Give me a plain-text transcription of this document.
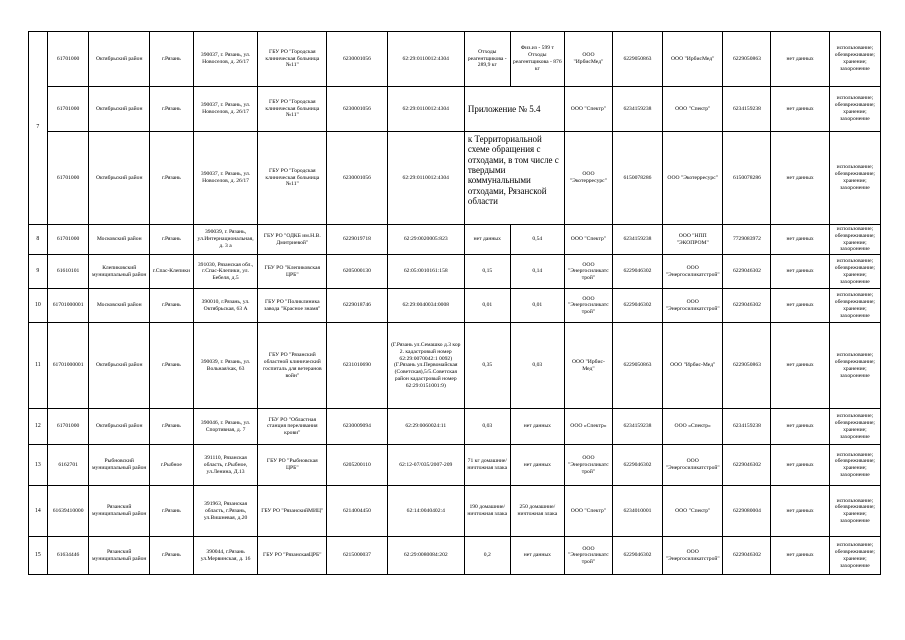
7	61701000	Октябрьский район	г.Рязань	390037, г. Рязань, ул. Новоселов, д. 26/17	ГБУ РО "Городская клиническая больница №11"	6230001056	62:29:0110012:4304	Отходы реагентщикова - 289,9 кг	Физ.из - 599 т Отходы реагентщикова - 876 кг	ООО "ИрбисМед"	6229050863	ООО "ИрбисМед"	6229050863	нет данных	использование; обезвреживание; хранение; захоронение
	61701000	Октябрьский район	г.Рязань	390037, г. Рязань, ул. Новоселов, д. 26/17	ГБУ РО "Городская клиническая больница №11"	6230001056	62:29:0110012:4304	Приложение № 5.4		ООО "Спектр"	6234159238	ООО "Спектр"	6234159238	нет данных	использование; обезвреживание; хранение; захоронение
	61701000	Октябрьский район	г.Рязань	390037, г. Рязань, ул. Новоселов, д. 26/17	ГБУ РО "Городская клиническая больница №11"	6230001056	62:29:0110012:4304	к Территориальной схеме обращения с отходами, в том числе с твердыми коммунальными отходами, Рязанской области		ООО "Экотерресурс"	6150078286	ООО "Экотерресурс"	6150078286	нет данных	использование; обезвреживание; хранение; захоронение
8	61701000	Московский район	г.Рязань	390039, г. Рязань, ул.Интернациональная, д. 3 а	ГБУ РО "ОДКБ им.Н.В. Дмитриевой"	6229019718	62:29:0020005:823	нет данных	0,54	ООО "Спектр"	6234159238	ООО "НПП "ЭКОПРОМ"	7729083972	нет данных	использование; обезвреживание; хранение; захоронение
9	61610101	Клепиковский муниципальный район	г.Спас-Клепики	391030, Рязанская обл., г.Спас-Клепики, ул. Бебеля, д.5	ГБУ РО "Клепиковская ЦРБ"	6205000130	62:05:0010161:158	0,15	0,14	ООО "Энергосиликатстрой"	6229046302	ООО "Энергосиликатстрой"	6229046302	нет данных	использование; обезвреживание; хранение; захоронение
10	61701000001	Московский район	г.Рязань	390010, г.Рязань, ул. Октябрьская, 63 А	ГБУ РО "Поликлиника завода "Красное знамя"	6229018746	62:29:0040034:0008	0,01	0,01	ООО "Энергосиликатстрой"	6229046302	ООО "Энергосиликатстрой"	6229046302	нет данных	использование; обезвреживание; хранение; захоронение
11	61701000001	Октябрьский район	г.Рязань	390039, г. Рязань, ул. Вольная/как, 63	ГБУ РО "Рязанский областной клинический госпиталь для ветеранов войн"	6231010690	(Г.Рязань ул.Семашко д.3 кор 2. кадастровый номер 62:29:0070042:1 0092) (Г.Рязань ул.Первомайская (Советская),5/5.Советская район кадастровый номер 62:29:0151001:9)	0,35	0,03	ООО "Ирбис-Мед"	6229050863	ООО "Ирбис-Мед"	6229050863	нет данных	использование; обезвреживание; хранение; захоронение
12	61701000	Октябрьский район	г.Рязань	390046, г. Рязань, ул. Спортивная, д. 7	ГБУ РО "Областная станция переливания крови"	6230009094	62:29:0060024:11	0,03	нет данных	ООО «Спектр»	6234159238	ООО «Спектр»	6234159238	нет данных	использование; обезвреживание; хранение; захоронение
13	6162701	Рыбновский муниципальный район	г.Рыбное	391110, Рязанская область, г.Рыбное, ул.Ленина, Д.13	ГБУ РО "Рыбновская ЦРБ"	6205200110	62:12-07/035/2007-209	71 кг домашние/ничтожная злака	нет данных	ООО "Энергосиликатстрой"	6229046302	ООО "Энергосиликатстрой"	6229046302	нет данных	использование; обезвреживание; хранение; захоронение
14	61639410000	Рязанский муниципальный район	г.Рязань	391963, Рязанская область, г.Рязань, ул.Вишневая, д.20	ГБУ РО "РязанскийМИЦ"	6214004450	62:14:0040402:4	190 домашние/ничтожная злака	250 домашние/ничтожная злака	ООО "Спектр"	6234010001	ООО "Спектр"	6229080004	нет данных	использование; обезвреживание; хранение; захоронение
15	61634446	Рязанский муниципальный район	г.Рязань	390044, г.Рязань ул.Мервинская, д. 16	ГБУ РО "РязанскаяЦРБ"	6215000037	62:29:0080084:202	0,2	нет данных	ООО "Энергосиликатстрой"	6229046302	ООО "Энергосиликатстрой"	6229046302	нет данных	использование; обезвреживание; хранение; захоронение
